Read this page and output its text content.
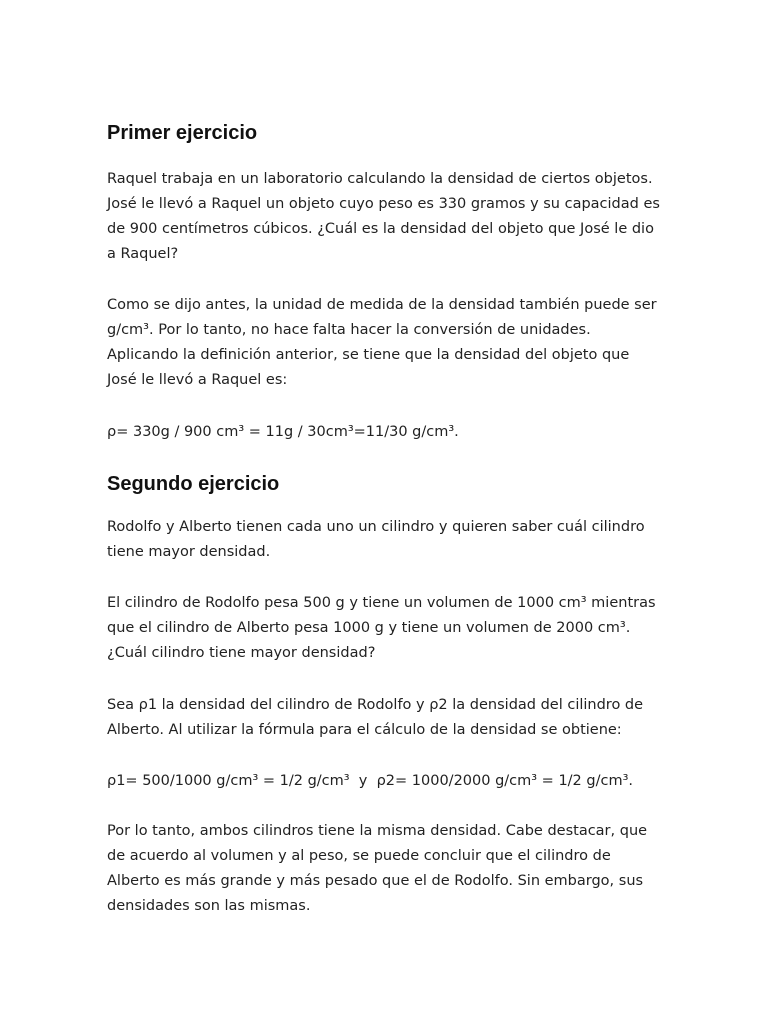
Primer ejercicio

Raquel trabaja en un laboratorio calculando la densidad de ciertos objetos. José le llevó a Raquel un objeto cuyo peso es 330 gramos y su capacidad es de 900 centímetros cúbicos. ¿Cuál es la densidad del objeto que José le dio a Raquel?

Como se dijo antes, la unidad de medida de la densidad también puede ser g/cm³. Por lo tanto, no hace falta hacer la conversión de unidades. Aplicando la definición anterior, se tiene que la densidad del objeto que José le llevó a Raquel es:

ρ= 330g / 900 cm³ = 11g / 30cm³=11/30 g/cm³.

Segundo ejercicio

Rodolfo y Alberto tienen cada uno un cilindro y quieren saber cuál cilindro tiene mayor densidad.

El cilindro de Rodolfo pesa 500 g y tiene un volumen de 1000 cm³ mientras que el cilindro de Alberto pesa 1000 g y tiene un volumen de 2000 cm³. ¿Cuál cilindro tiene mayor densidad?

Sea ρ1 la densidad del cilindro de Rodolfo y ρ2 la densidad del cilindro de Alberto. Al utilizar la fórmula para el cálculo de la densidad se obtiene:

ρ1= 500/1000 g/cm³ = 1/2 g/cm³  y  ρ2= 1000/2000 g/cm³ = 1/2 g/cm³.

Por lo tanto, ambos cilindros tiene la misma densidad. Cabe destacar, que de acuerdo al volumen y al peso, se puede concluir que el cilindro de Alberto es más grande y más pesado que el de Rodolfo. Sin embargo, sus densidades son las mismas.
